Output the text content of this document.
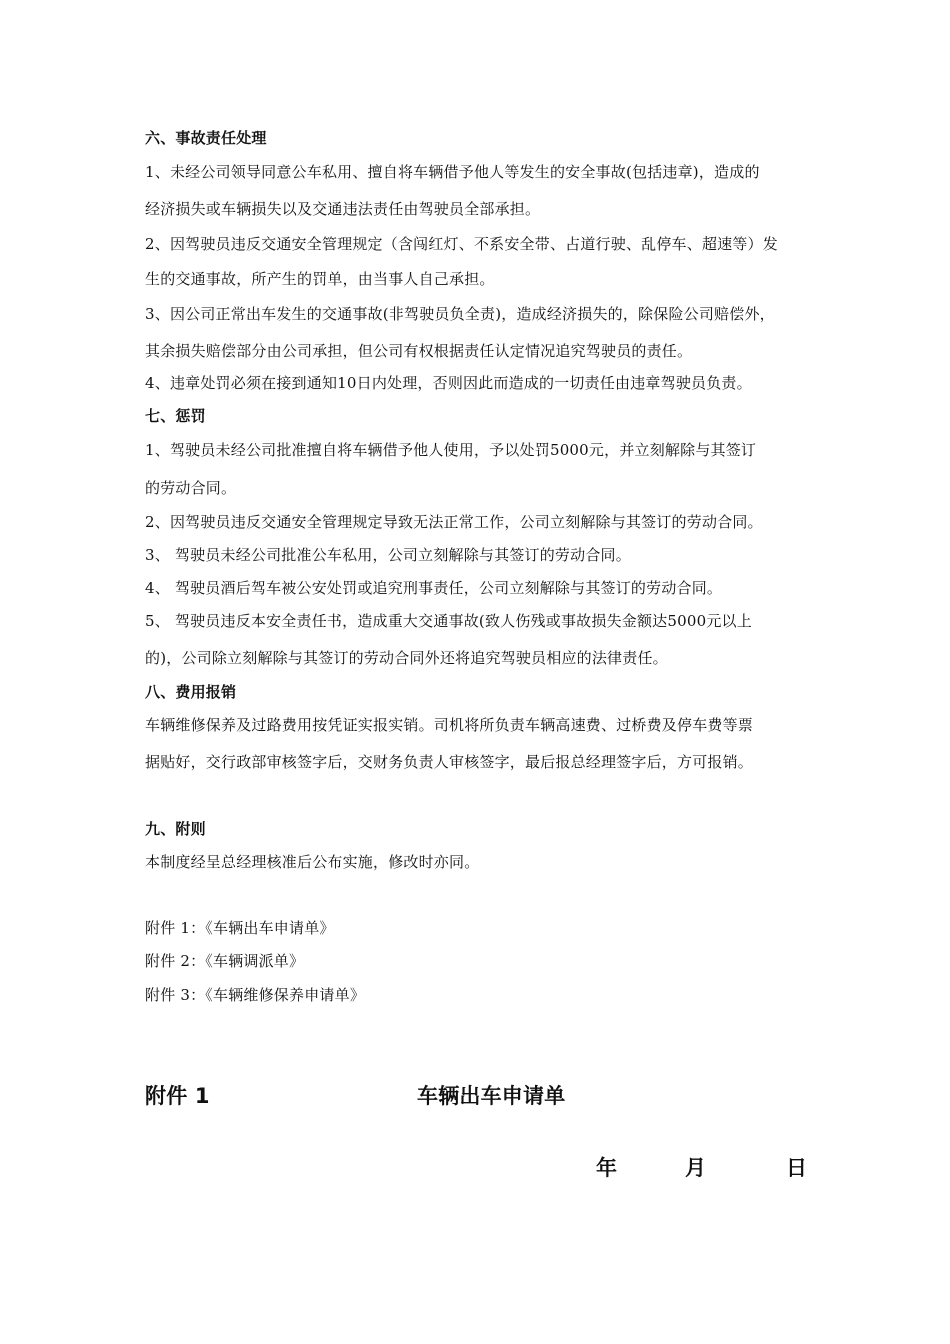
六、事故责任处理
1、未经公司领导同意公车私用、擅自将车辆借予他人等发生的安全事故(包括违章)，造成的
经济损失或车辆损失以及交通违法责任由驾驶员全部承担。
2、因驾驶员违反交通安全管理规定（含闯红灯、不系安全带、占道行驶、乱停车、超速等）发
生的交通事故，所产生的罚单，由当事人自己承担。
3、因公司正常出车发生的交通事故(非驾驶员负全责)，造成经济损失的，除保险公司赔偿外，
其余损失赔偿部分由公司承担，但公司有权根据责任认定情况追究驾驶员的责任。
4、违章处罚必须在接到通知10日内处理，否则因此而造成的一切责任由违章驾驶员负责。
七、惩罚
1、驾驶员未经公司批准擅自将车辆借予他人使用，予以处罚5000元，并立刻解除与其签订
的劳动合同。
2、因驾驶员违反交通安全管理规定导致无法正常工作，公司立刻解除与其签订的劳动合同。
3、 驾驶员未经公司批准公车私用，公司立刻解除与其签订的劳动合同。
4、 驾驶员酒后驾车被公安处罚或追究刑事责任，公司立刻解除与其签订的劳动合同。
5、 驾驶员违反本安全责任书，造成重大交通事故(致人伤残或事故损失金额达5000元以上
的)，公司除立刻解除与其签订的劳动合同外还将追究驾驶员相应的法律责任。
八、费用报销
车辆维修保养及过路费用按凭证实报实销。司机将所负责车辆高速费、过桥费及停车费等票
据贴好，交行政部审核签字后，交财务负责人审核签字，最后报总经理签字后，方可报销。
九、附则
本制度经呈总经理核准后公布实施，修改时亦同。
附件 1：《车辆出车申请单》
附件 2：《车辆调派单》
附件 3：《车辆维修保养申请单》
附件 1	车辆出车申请单
年	月	日
